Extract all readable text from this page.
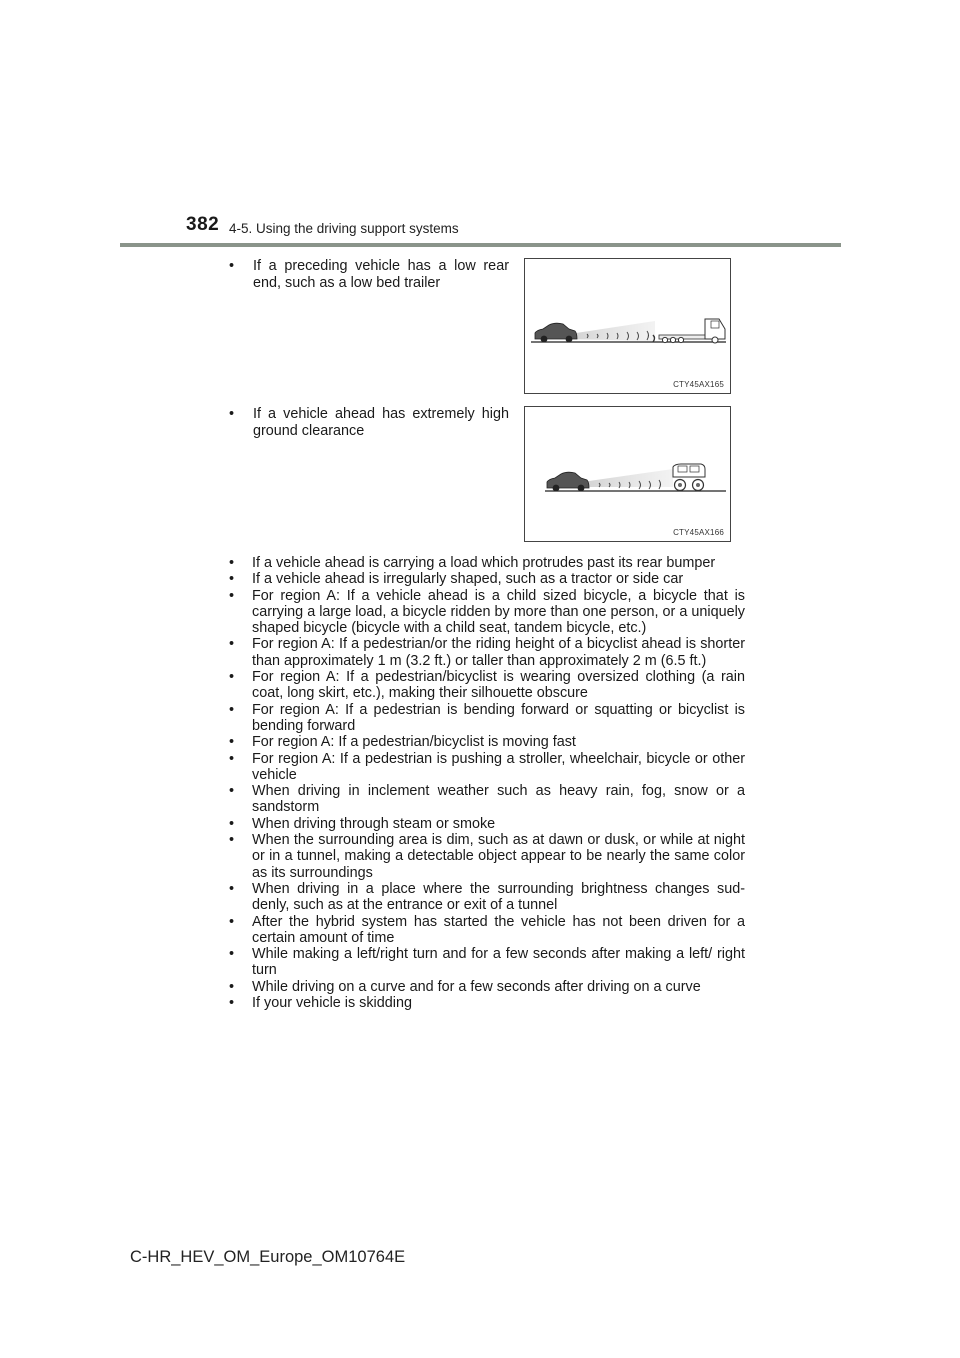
382 4-5. Using the driving support systems
• If a preceding vehicle has a low rear end, such as a low bed trailer
CTY45AX165
• If a vehicle ahead has extremely high ground clearance
CTY45AX166
• If a vehicle ahead is carrying a load which protrudes past its rear bumper
• If a vehicle ahead is irregularly shaped, such as a tractor or side car
• For region A: If a vehicle ahead is a child sized bicycle, a bicycle that is carrying a large load, a bicycle ridden by more than one person, or a uniquely shaped bicycle (bicycle with a child seat, tandem bicycle, etc.)
• For region A: If a pedestrian/or the riding height of a bicyclist ahead is shorter than approximately 1 m (3.2 ft.) or taller than approximately 2 m (6.5 ft.)
• For region A: If a pedestrian/bicyclist is wearing oversized clothing (a rain coat, long skirt, etc.), making their silhouette obscure
• For region A: If a pedestrian is bending forward or squatting or bicyclist is bending forward
• For region A: If a pedestrian/bicyclist is moving fast
• For region A: If a pedestrian is pushing a stroller, wheelchair, bicycle or other vehicle
• When driving in inclement weather such as heavy rain, fog, snow or a sandstorm
• When driving through steam or smoke
• When the surrounding area is dim, such as at dawn or dusk, or while at night or in a tunnel, making a detectable object appear to be nearly the same color as its surroundings
• When driving in a place where the surrounding brightness changes sud-denly, such as at the entrance or exit of a tunnel
• After the hybrid system has started the vehicle has not been driven for a certain amount of time
• While making a left/right turn and for a few seconds after making a left/ right turn
• While driving on a curve and for a few seconds after driving on a curve
• If your vehicle is skidding
C-HR_HEV_OM_Europe_OM10764E
